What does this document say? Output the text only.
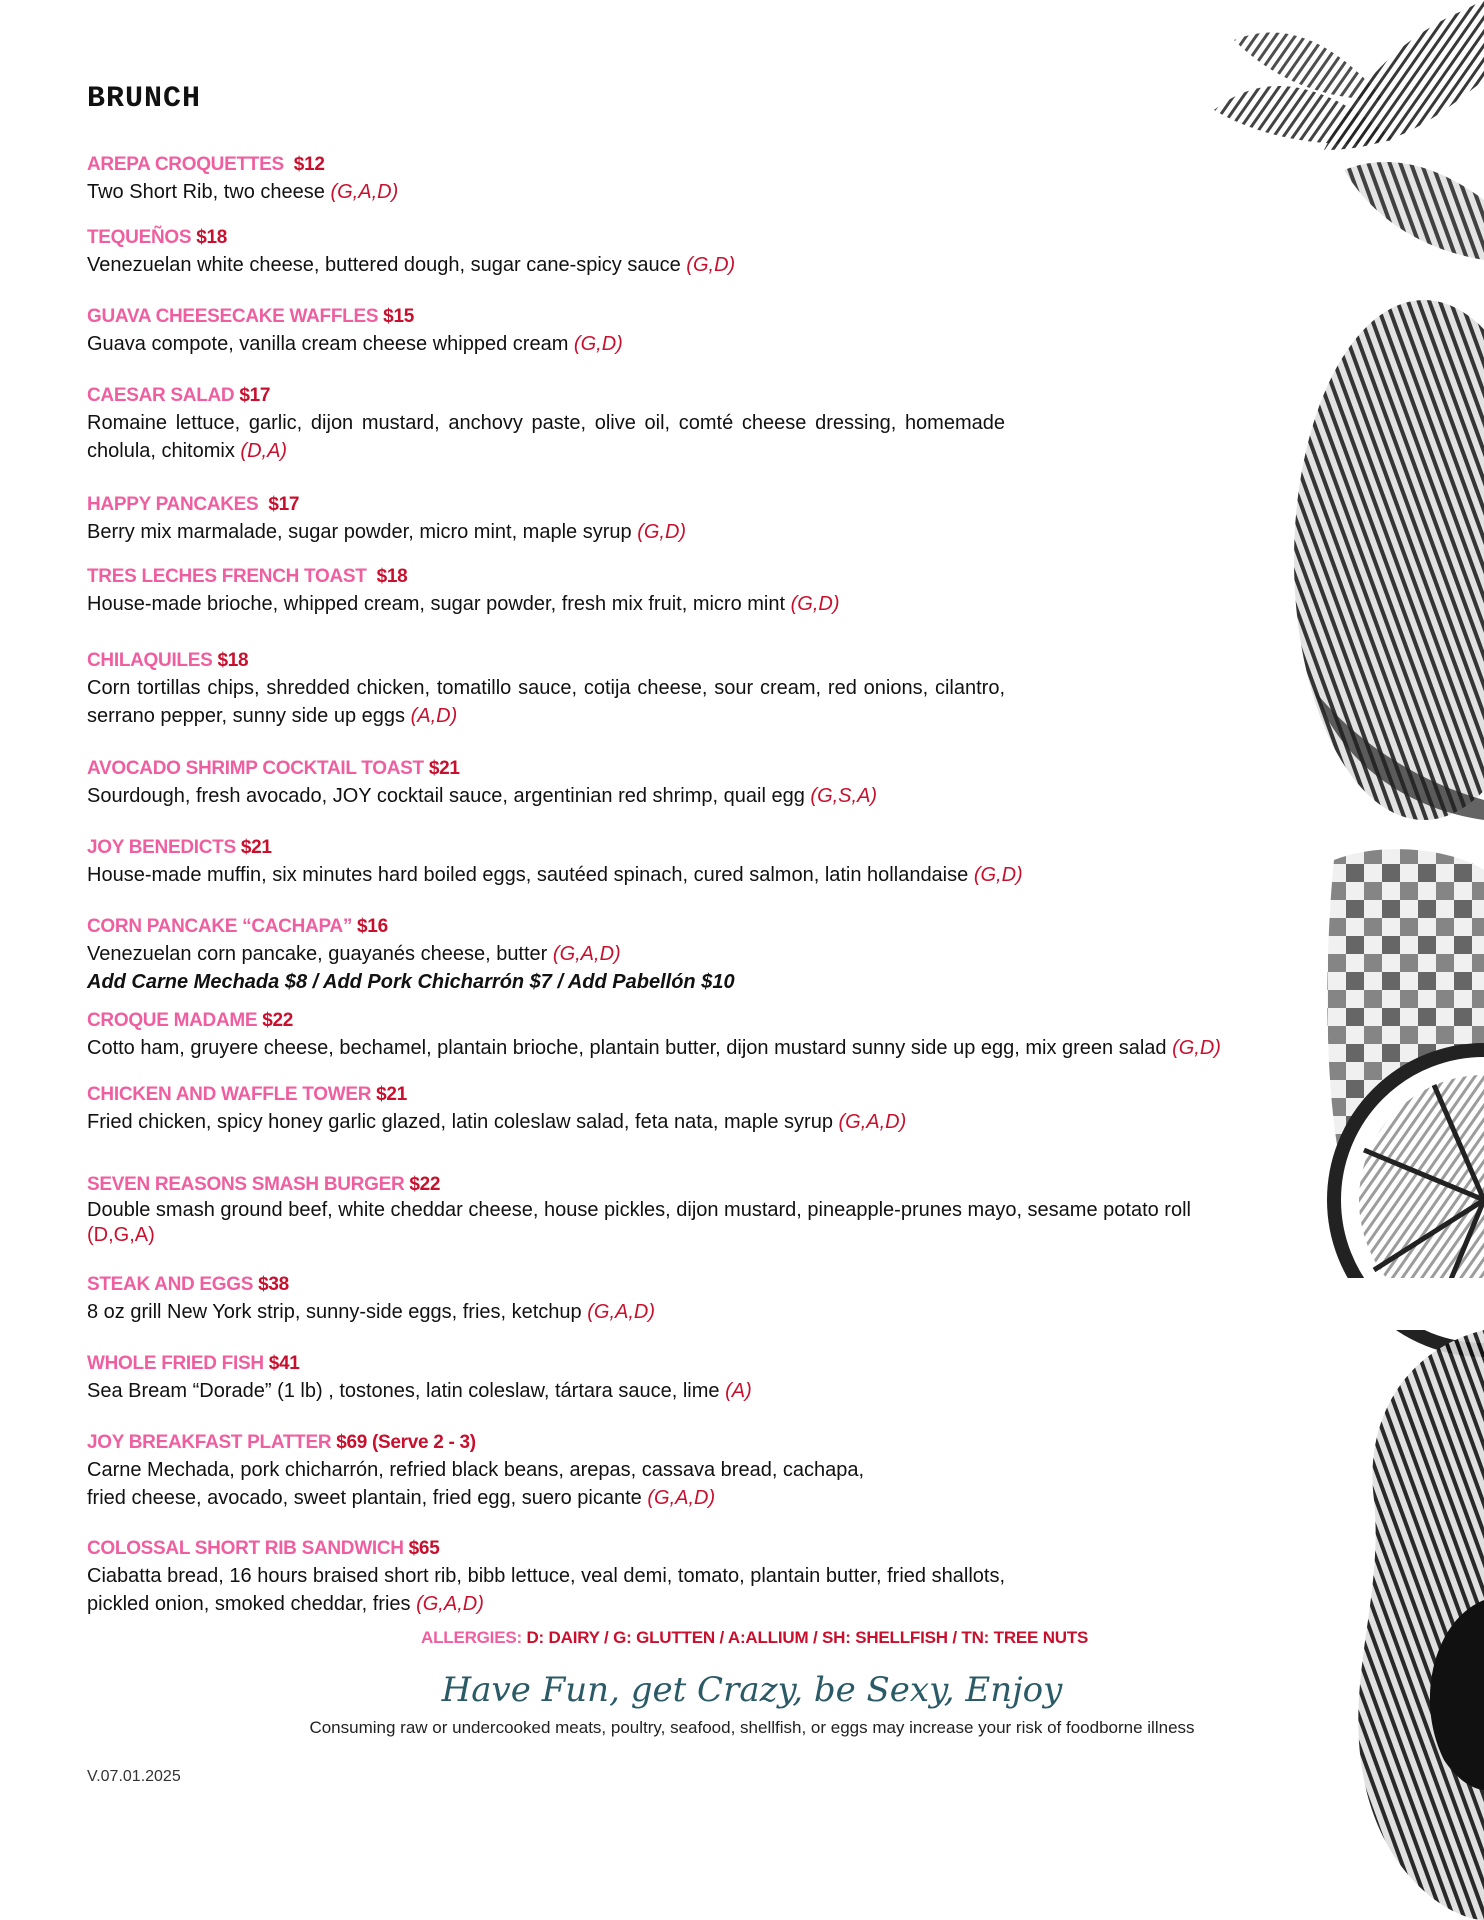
BRUNCH
AREPA CROQUETTES $12
Two Short Rib, two cheese (G,A,D)
TEQUEÑOS $18
Venezuelan white cheese, buttered dough, sugar cane-spicy sauce (G,D)
GUAVA CHEESECAKE WAFFLES $15
Guava compote, vanilla cream cheese whipped cream (G,D)
CAESAR SALAD $17
Romaine lettuce, garlic, dijon mustard, anchovy paste, olive oil, comté cheese dressing, homemade cholula, chitomix (D,A)
HAPPY PANCAKES $17
Berry mix marmalade, sugar powder, micro mint, maple syrup (G,D)
TRES LECHES FRENCH TOAST $18
House-made brioche, whipped cream, sugar powder, fresh mix fruit, micro mint (G,D)
CHILAQUILES $18
Corn tortillas chips, shredded chicken, tomatillo sauce, cotija cheese, sour cream, red onions, cilantro, serrano pepper, sunny side up eggs (A,D)
AVOCADO SHRIMP COCKTAIL TOAST $21
Sourdough, fresh avocado, JOY cocktail sauce, argentinian red shrimp, quail egg (G,S,A)
JOY BENEDICTS $21
House-made muffin, six minutes hard boiled eggs, sautéed spinach, cured salmon, latin hollandaise (G,D)
CORN PANCAKE “CACHAPA” $16
Venezuelan corn pancake, guayanés cheese, butter (G,A,D)
Add Carne Mechada $8 / Add Pork Chicharrón $7 / Add Pabellón $10
CROQUE MADAME $22
Cotto ham, gruyere cheese, bechamel, plantain brioche, plantain butter, dijon mustard sunny side up egg, mix green salad (G,D)
CHICKEN AND WAFFLE TOWER $21
Fried chicken, spicy honey garlic glazed, latin coleslaw salad, feta nata, maple syrup (G,A,D)
SEVEN REASONS SMASH BURGER $22
Double smash ground beef, white cheddar cheese, house pickles, dijon mustard, pineapple-prunes mayo, sesame potato roll (D,G,A)
STEAK AND EGGS $38
8 oz grill New York strip, sunny-side eggs, fries, ketchup (G,A,D)
WHOLE FRIED FISH $41
Sea Bream “Dorade” (1 lb) , tostones, latin coleslaw, tártara sauce, lime (A)
JOY BREAKFAST PLATTER $69 (Serve 2 - 3)
Carne Mechada, pork chicharrón, refried black beans, arepas, cassava bread, cachapa, fried cheese, avocado, sweet plantain, fried egg, suero picante (G,A,D)
COLOSSAL SHORT RIB SANDWICH $65
Ciabatta bread, 16 hours braised short rib, bibb lettuce, veal demi, tomato, plantain butter, fried shallots, pickled onion, smoked cheddar, fries (G,A,D)
ALLERGIES: D: DAIRY / G: GLUTTEN / A:ALLIUM / SH: SHELLFISH / TN: TREE NUTS
Have Fun, get Crazy, be Sexy, Enjoy
Consuming raw or undercooked meats, poultry, seafood, shellfish, or eggs may increase your risk of foodborne illness
V.07.01.2025
